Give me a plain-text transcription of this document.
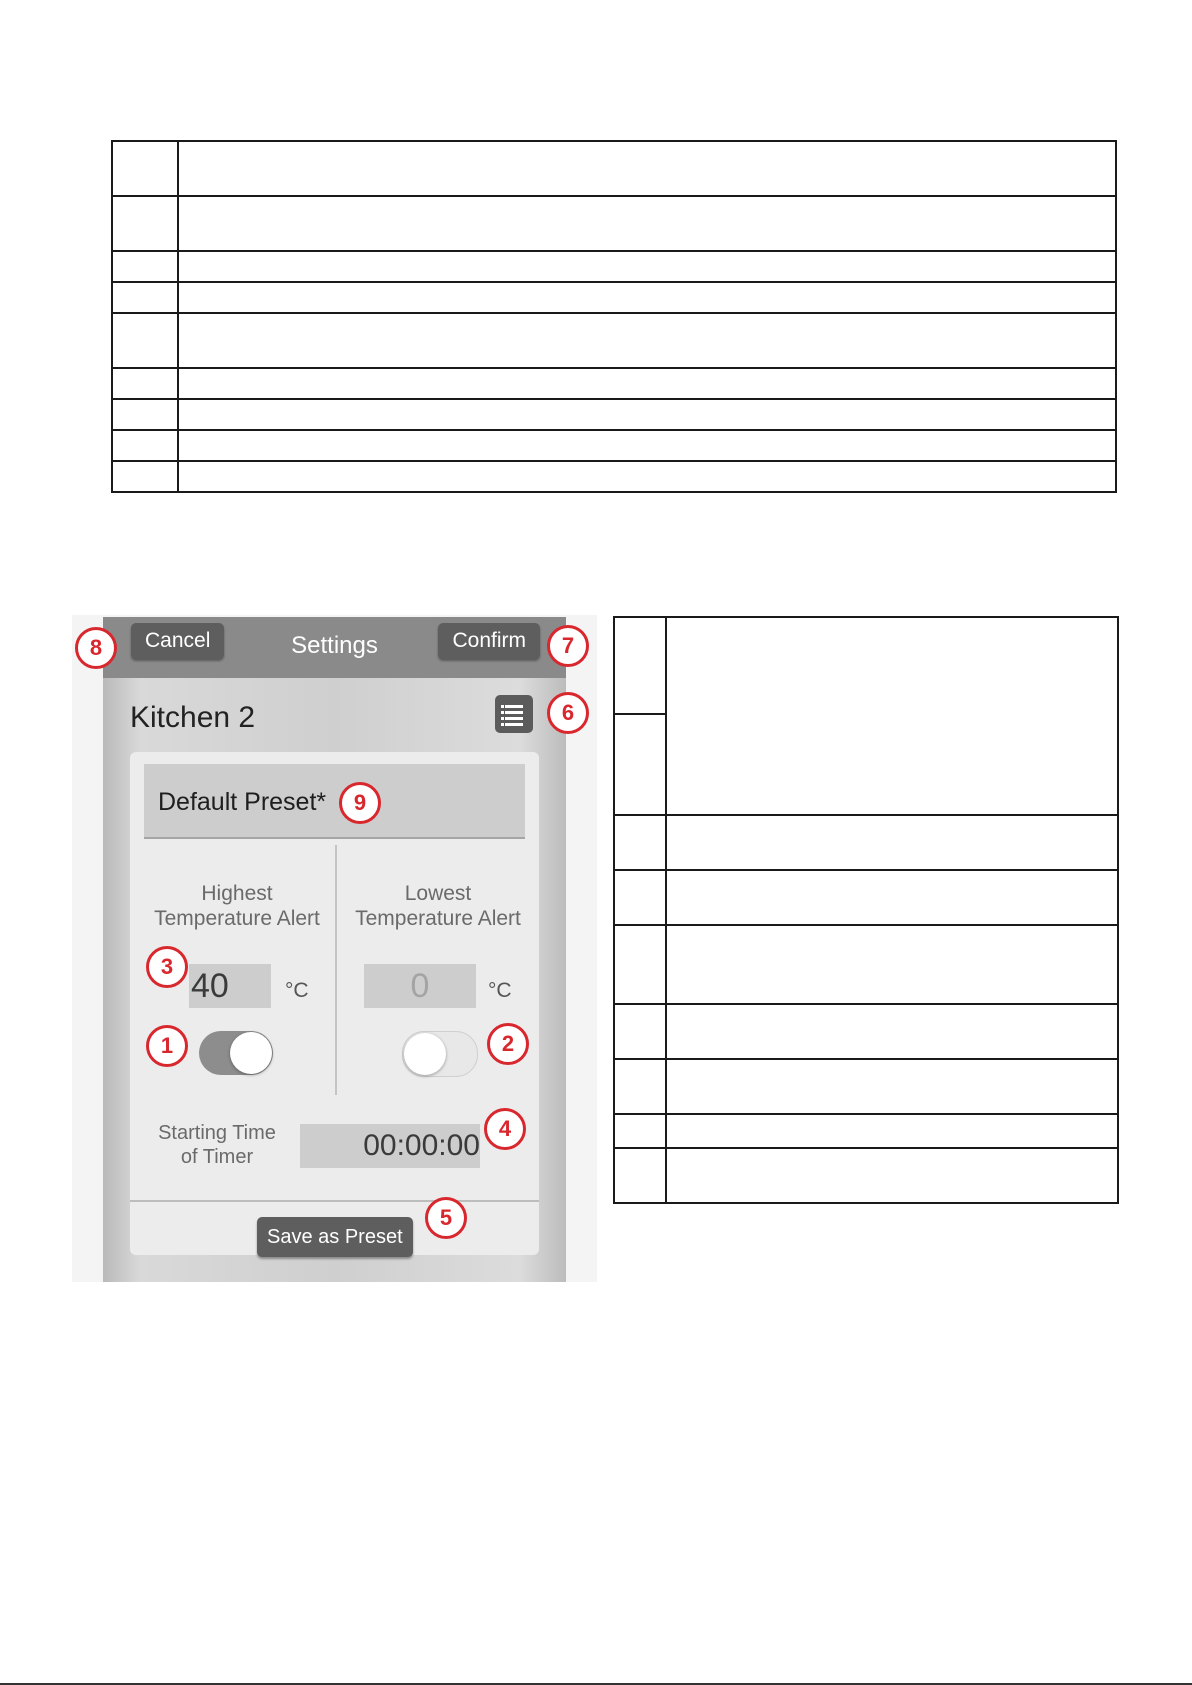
Cancel	Settings	Confirm
Kitchen 2
Default Preset*
Highest
Temperature Alert
Lowest
Temperature Alert
40	°C	0	°C
Starting Time
of Timer	00:00:00
Save as Preset
8	7
6
9
3
1	2
4
5
